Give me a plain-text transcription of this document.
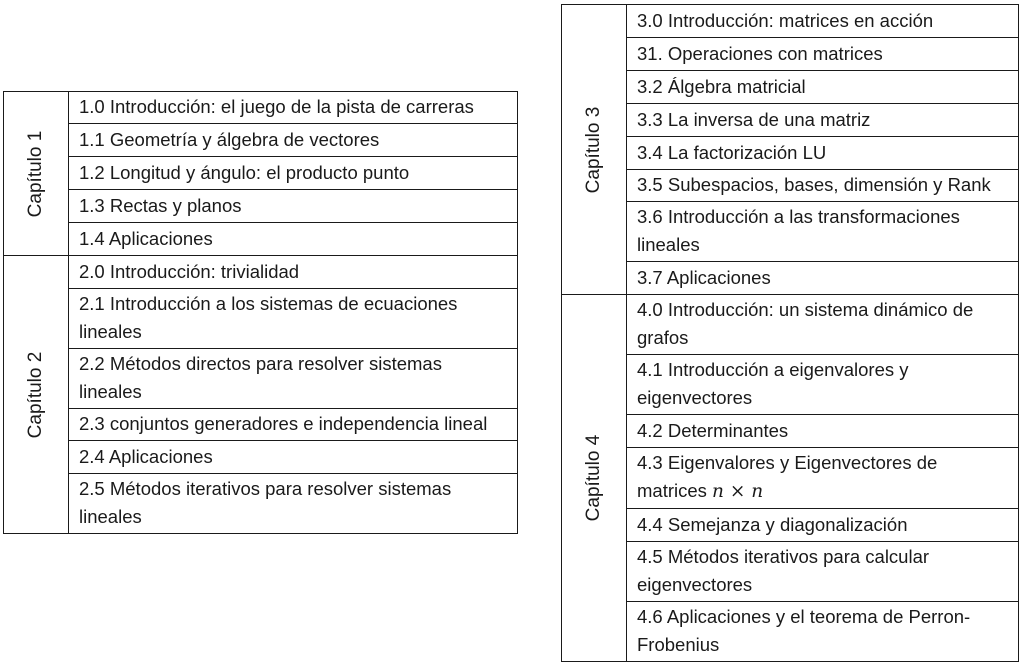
Capítulo 1	1.0 Introducción: el juego de la pista de carreras
	1.1 Geometría y álgebra de vectores
	1.2 Longitud y ángulo: el producto punto
	1.3 Rectas y planos
	1.4 Aplicaciones

Capítulo 2	2.0 Introducción: trivialidad
	2.1 Introducción a los sistemas de ecuaciones lineales
	2.2 Métodos directos para resolver sistemas lineales
	2.3 conjuntos generadores e independencia lineal
	2.4 Aplicaciones
	2.5 Métodos iterativos para resolver sistemas lineales
Capítulo 3	3.0 Introducción: matrices en acción
	31. Operaciones con matrices
	3.2 Álgebra matricial
	3.3 La inversa de una matriz
	3.4 La factorización LU
	3.5 Subespacios, bases, dimensión y Rank
	3.6 Introducción a las transformaciones lineales
	3.7 Aplicaciones

Capítulo 4	4.0 Introducción: un sistema dinámico de grafos
	4.1 Introducción a eigenvalores y eigenvectores
	4.2 Determinantes
	4.3 Eigenvalores y Eigenvectores de matrices n × n
	4.4 Semejanza y diagonalización
	4.5 Métodos iterativos para calcular eigenvectores
	4.6 Aplicaciones y el teorema de Perron-Frobenius
